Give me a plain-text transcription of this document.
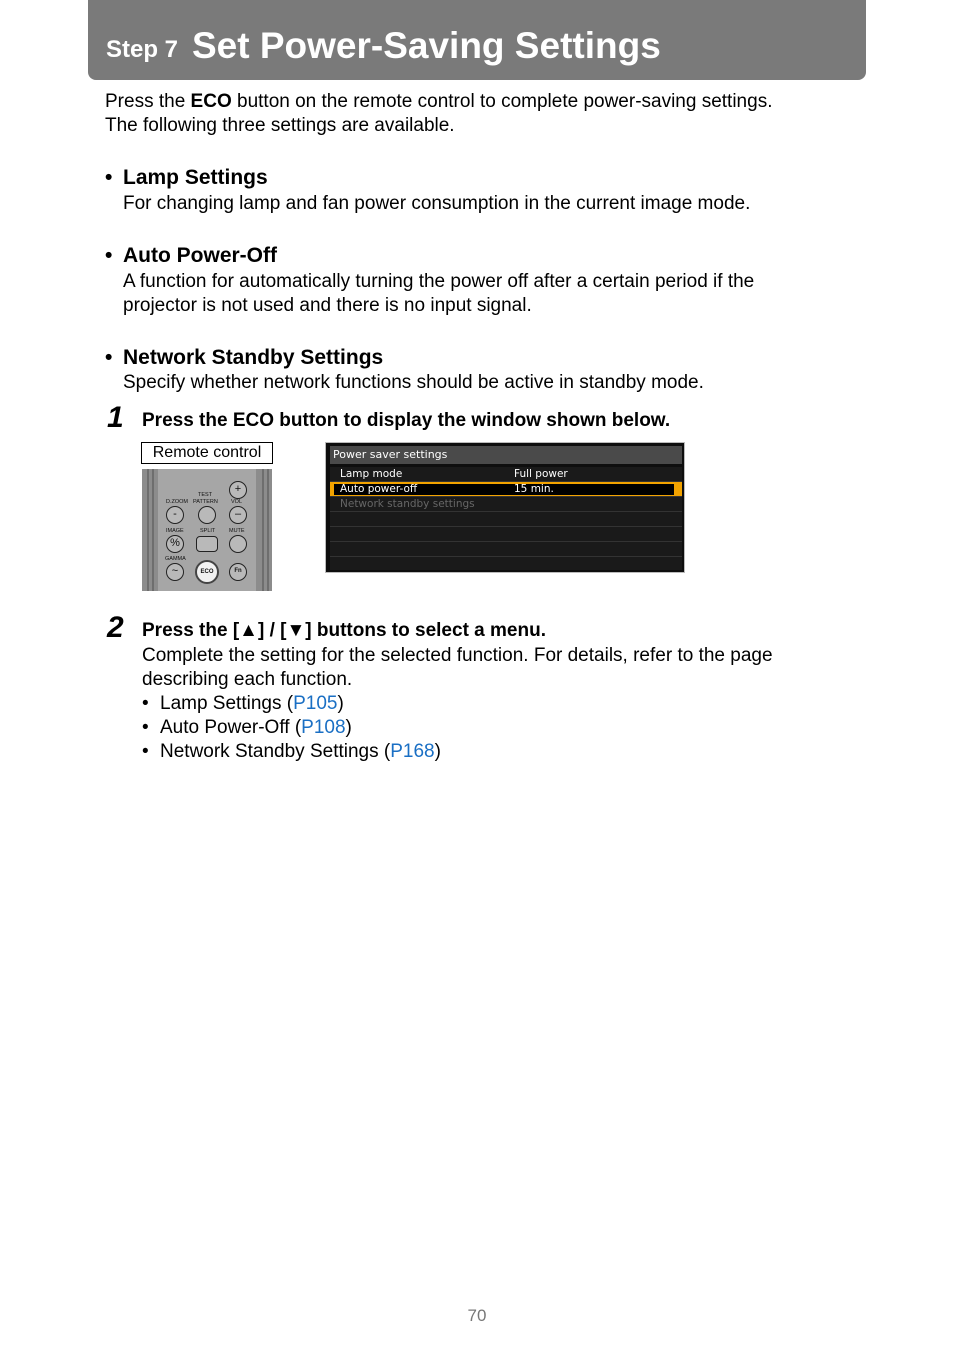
Step 7 Set Power-Saving Settings
Press the ECO button on the remote control to complete power-saving settings.
The following three settings are available.
• Lamp Settings
For changing lamp and fan power consumption in the current image mode.
• Auto Power-Off
A function for automatically turning the power off after a certain period if the
projector is not used and there is no input signal.
• Network Standby Settings
Specify whether network functions should be active in standby mode.
1 Press the ECO button to display the window shown below.
Remote control
D.ZOOM
TEST
PATTERN VOL
+
-	–
IMAGE	SPLIT MUTE
%
GAMMA
~	ECO	Fn
Power saver settings
Lamp mode	Full power
Auto power-off	15 min.
Network standby settings
2 Press the [▲] / [▼] buttons to select a menu.
Complete the setting for the selected function. For details, refer to the page
describing each function.
• Lamp Settings (P105)
• Auto Power-Off (P108)
• Network Standby Settings (P168)
70
